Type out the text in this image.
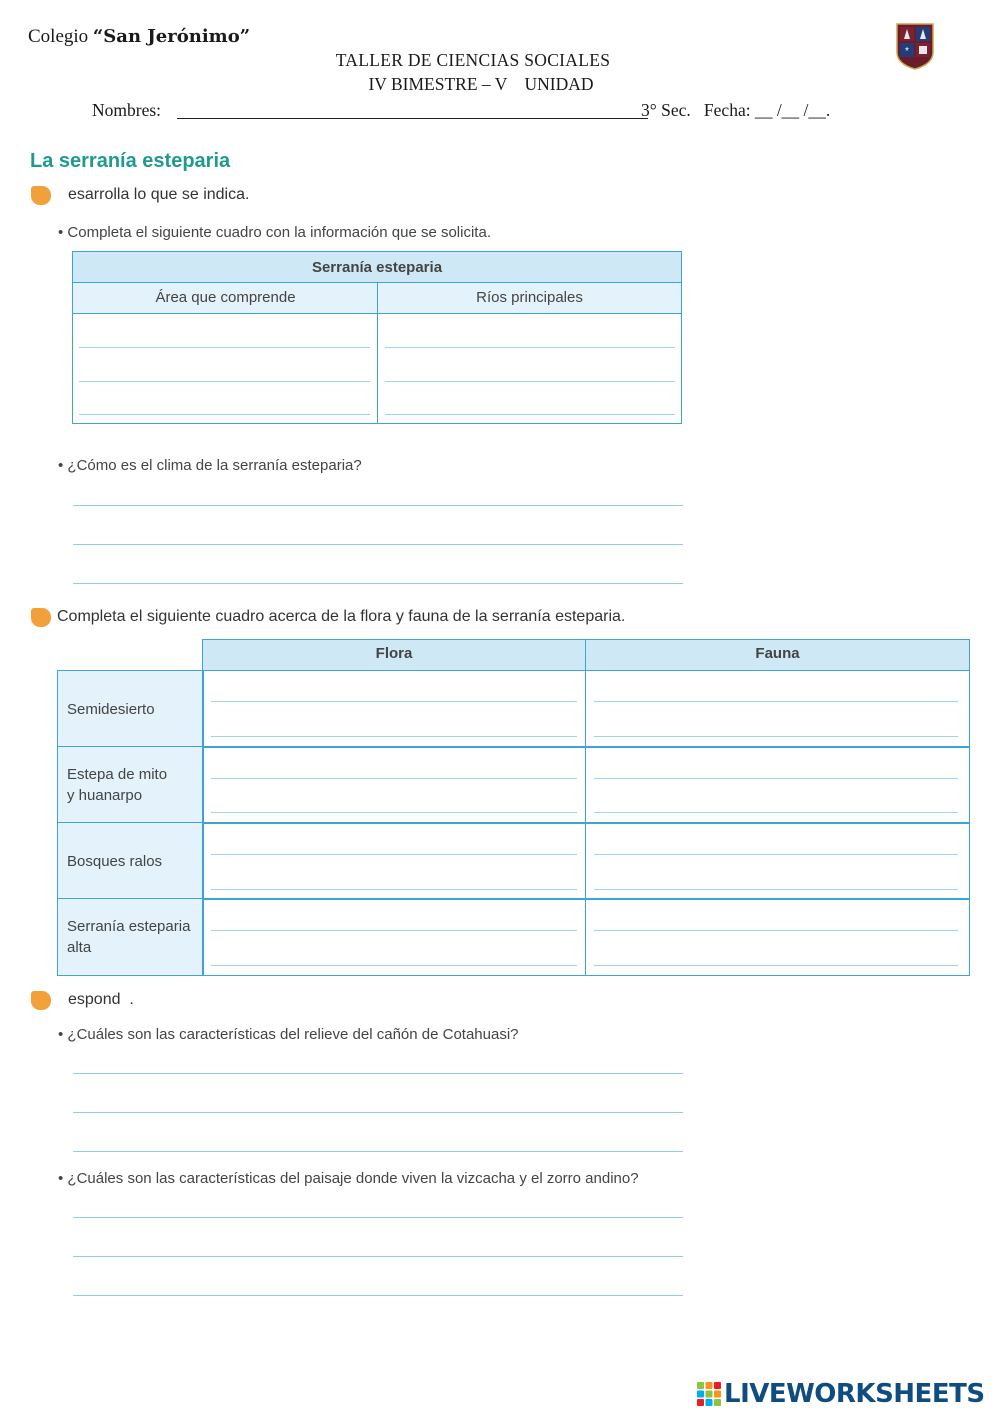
Colegio “San Jerónimo”
TALLER DE CIENCIAS SOCIALES
IV BIMESTRE – V    UNIDAD
Nombres:	3° Sec.   Fecha: __ /__ /__.
*
La serranía esteparia
esarrolla lo que se indica.
• Completa el siguiente cuadro con la información que se solicita.
Serranía esteparia
Área que comprende	Ríos principales
• ¿Cómo es el clima de la serranía esteparia?
Completa el siguiente cuadro acerca de la flora y fauna de la serranía esteparia.
Flora	Fauna
Semidesierto

Estepa de mito
y huanarpo
Bosques ralos

Serranía esteparia
alta
espond  .
• ¿Cuáles son las características del relieve del cañón de Cotahuasi?
• ¿Cuáles son las características del paisaje donde viven la vizcacha y el zorro andino?
LIVEWORKSHEETS
